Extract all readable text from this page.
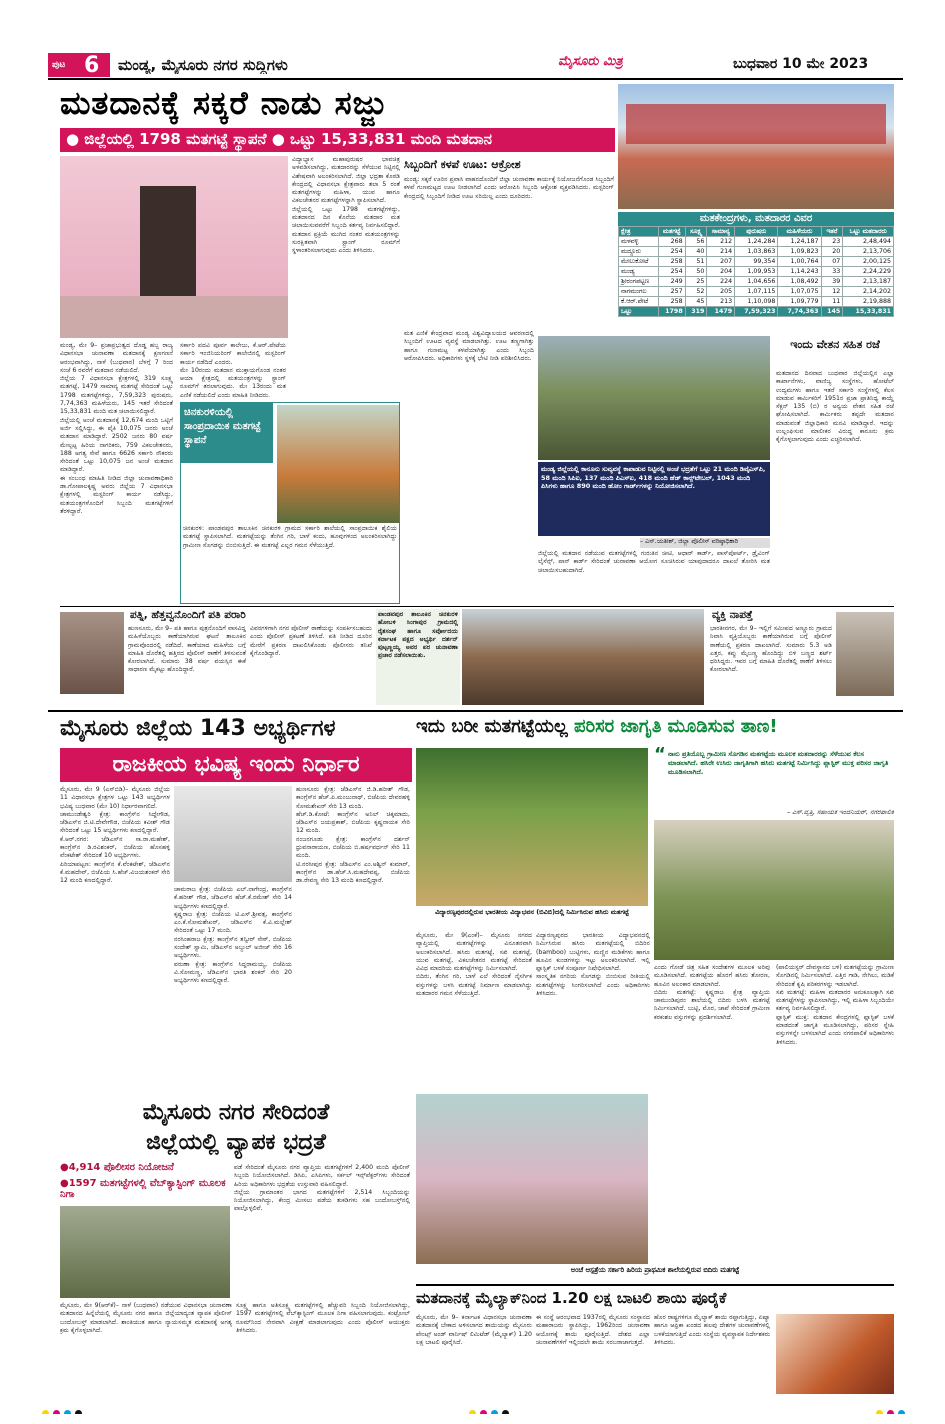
ಪುಟ 6 ಮಂಡ್ಯ, ಮೈಸೂರು ನಗರ ಸುದ್ದಿಗಳು	ಮೈಸೂರು ಮಿತ್ರ	ಬುಧವಾರ 10 ಮೇ 2023
ಮತದಾನಕ್ಕೆ ಸಕ್ಕರೆ ನಾಡು ಸಜ್ಜು
● ಜಿಲ್ಲೆಯಲ್ಲಿ 1798 ಮತಗಟ್ಟೆ ಸ್ಥಾಪನೆ ● ಒಟ್ಟು 15,33,831 ಮಂದಿ ಮತದಾನ
ಮಂಡ್ಯ, ಮೇ 9– ಪ್ರಜಾಪ್ರಭುತ್ವದ ದೊಡ್ಡ ಹಬ್ಬ ರಾಜ್ಯ ವಿಧಾನಸಭಾ ಚುನಾವಣಾ ಮತದಾನಕ್ಕೆ ಕ್ಷಣಗಣನೆ ಆರಂಭವಾಗಿದ್ದು, ನಾಳೆ (ಬುಧವಾರ) ಬೆಳಗ್ಗೆ 7 ರಿಂದ ಸಂಜೆ 6 ರವರೆಗೆ ಮತದಾನ ನಡೆಯಲಿದೆ.
ಜಿಲ್ಲೆಯ 7 ವಿಧಾನಸಭಾ ಕ್ಷೇತ್ರಗಳಲ್ಲಿ 319 ಸೂಕ್ಷ್ಮ ಮತಗಟ್ಟೆ, 1479 ಸಾಮಾನ್ಯ ಮತಗಟ್ಟೆ ಸೇರಿದಂತೆ ಒಟ್ಟು 1798 ಮತಗಟ್ಟೆಗಳಿದ್ದು, 7,59,323 ಪುರುಷರು, 7,74,363 ಮಹಿಳೆಯರು, 145 ಇತರೆ ಸೇರಿದಂತೆ 15,33,831 ಮಂದಿ ಮತ ಚಲಾಯಿಸಲಿದ್ದಾರೆ.
ಜಿಲ್ಲೆಯಲ್ಲಿ ಅಂಚೆ ಮತದಾನಕ್ಕೆ 12,674 ಮಂದಿ ಒಟ್ಟಿಗೆ ಅರ್ಜಿ ಸಲ್ಲಿಸಿದ್ದು, ಈ ಪೈಕಿ 10,075 ಜನರು ಅಂಚೆ ಮತದಾನ ಮಾಡಿದ್ದಾರೆ. 2502 ಜನರು 80 ವರ್ಷ ಮೇಲ್ಪಟ್ಟ ಹಿರಿಯ ನಾಗರಿಕರು, 759 ವಿಕಲಚೇತನರು, 188 ಅಗತ್ಯ ಸೇವೆ ಹಾಗೂ 6626 ಸರ್ಕಾರಿ ನೌಕರರು ಸೇರಿದಂತೆ ಒಟ್ಟು 10,075 ಜನ ಅಂಚೆ ಮತದಾನ ಮಾಡಿದ್ದಾರೆ.
ಈ ಸಂಬಂಧ ಮಾಹಿತಿ ನೀಡಿದ ಜಿಲ್ಲಾ ಚುನಾವಣಾಧಿಕಾರಿ ಡಾ.ಗೋಪಾಲಕೃಷ್ಣ ಅವರು ಜಿಲ್ಲೆಯ 7 ವಿಧಾನಸಭಾ ಕ್ಷೇತ್ರಗಳಲ್ಲಿ ಮಸ್ಟರಿಂಗ್ ಕಾರ್ಯ ನಡೆಸಿದ್ದು, ಮತಯಂತ್ರಗಳೊಂದಿಗೆ ಸಿಬ್ಬಂದಿ ಮತಗಟ್ಟೆಗಳಿಗೆ ತೆರಳಿದ್ದಾರೆ.
ಸರ್ಕಾರಿ ಪದವಿ ಪೂರ್ವ ಕಾಲೇಜು, ಕೆ.ಆರ್.ಪೇಟೆಯ ಸರ್ಕಾರಿ ಇಂಜಿನಿಯರಿಂಗ್ ಕಾಲೇಜಿನಲ್ಲಿ ಮಸ್ಟರಿಂಗ್ ಕಾರ್ಯ ನಡೆದಿದೆ ಎಂದರು.
ಮೇ 10ರಂದು ಮತದಾನ ಮುಕ್ತಾಯಗೊಂಡ ನಂತರ ಆಯಾ ಕ್ಷೇತ್ರದಲ್ಲಿ ಮತಯಂತ್ರಗಳನ್ನು ಸ್ಟ್ರಾಂಗ್ ರೂಮ್‌ಗೆ ತರಲಾಗುವುದು. ಮೇ 13ರಂದು ಮತ ಎಣಿಕೆ ನಡೆಯಲಿದೆ ಎಂದು ಮಾಹಿತಿ ನೀಡಿದರು.
ವಿದ್ಯಾಭ್ಯಾಸ ಮಹಾಪುರುಷರ ಭಾವಚಿತ್ರ ಅಳವಡಿಸಲಾಗಿದ್ದು, ಮತದಾರರನ್ನು ಸೆಳೆಯುವ ನಿಟ್ಟಿನಲ್ಲಿ ವಿಶೇಷವಾಗಿ ಅಲಂಕರಿಸಲಾಗಿದೆ. ಜಿಲ್ಲಾ ಭದ್ರತಾ ಕೊಠಡಿ ಕೇಂದ್ರದಲ್ಲಿ ವಿಧಾನಸಭಾ ಕ್ಷೇತ್ರವಾರು ತಲಾ 5 ರಂತೆ ಮತಗಟ್ಟೆಗಳನ್ನು ಮಹಿಳಾ, ಯುವ ಹಾಗೂ ವಿಕಲಚೇತನರ ಮತಗಟ್ಟೆಗಳನ್ನಾಗಿ ಸ್ಥಾಪಿಸಲಾಗಿದೆ.
ಜಿಲ್ಲೆಯಲ್ಲಿ ಒಟ್ಟು 1798 ಮತಗಟ್ಟೆಗಳಿದ್ದು, ಮತದಾನದ ದಿನ ಕೊನೆಯ ಮತದಾರ ಮತ ಚಲಾಯಿಸುವವರೆಗೆ ಸಿಬ್ಬಂದಿ ಕರ್ತವ್ಯ ನಿರ್ವಹಿಸಲಿದ್ದಾರೆ. ಮತದಾನ ಪ್ರಕ್ರಿಯೆ ಮುಗಿದ ನಂತರ ಮತಯಂತ್ರಗಳನ್ನು ಸುರಕ್ಷಿತವಾಗಿ ಸ್ಟ್ರಾಂಗ್ ರೂಮ್‌ಗೆ ಸ್ಥಳಾಂತರಿಸಲಾಗುವುದು ಎಂದು ತಿಳಿಸಿದರು.
ಚಿನಕುರಳಿಯಲ್ಲಿ ಸಾಂಪ್ರದಾಯಿಕ ಮತಗಟ್ಟೆ ಸ್ಥಾಪನೆ
ಚಿನಕುರಳಿ: ಪಾಂಡವಪುರ ತಾಲೂಕಿನ ಚಿನಕುರಳಿ ಗ್ರಾಮದ ಸರ್ಕಾರಿ ಶಾಲೆಯಲ್ಲಿ ಸಾಂಪ್ರದಾಯಿಕ ಶೈಲಿಯ ಮತಗಟ್ಟೆ ಸ್ಥಾಪಿಸಲಾಗಿದೆ. ಮತಗಟ್ಟೆಯನ್ನು ತೆಂಗಿನ ಗರಿ, ಬಾಳೆ ಕಂದು, ಹೂವುಗಳಿಂದ ಅಲಂಕರಿಸಲಾಗಿದ್ದು ಗ್ರಾಮೀಣ ಸೊಗಡನ್ನು ಬಿಂಬಿಸುತ್ತಿದೆ. ಈ ಮತಗಟ್ಟೆ ಎಲ್ಲರ ಗಮನ ಸೆಳೆಯುತ್ತಿದೆ.
ಸಿಬ್ಬಂದಿಗೆ ಕಳಪೆ ಊಟ: ಆಕ್ರೋಶ
ಮಂಡ್ಯ: ಸಕ್ಕರೆ ಊರಿನ ಪ್ರವಾಸಿ ವಾಹನದೊಂದಿಗೆ ಜಿಲ್ಲಾ ಚುನಾವಣಾ ಕಾರ್ಯಕ್ಕೆ ನಿಯೋಜನೆಗೊಂಡ ಸಿಬ್ಬಂದಿಗೆ ಕಳಪೆ ಗುಣಮಟ್ಟದ ಊಟ ನೀಡಲಾಗಿದೆ ಎಂದು ಆರೋಪಿಸಿ ಸಿಬ್ಬಂದಿ ಆಕ್ರೋಶ ವ್ಯಕ್ತಪಡಿಸಿದರು. ಮಸ್ಟರಿಂಗ್ ಕೇಂದ್ರದಲ್ಲಿ ಸಿಬ್ಬಂದಿಗೆ ನೀಡಿದ ಊಟ ಸರಿಯಿಲ್ಲ ಎಂದು ದೂರಿದರು.
ಮತ ಎಣಿಕೆ ಕೇಂದ್ರವಾದ ಮಂಡ್ಯ ವಿಶ್ವವಿದ್ಯಾಲಯದ ಆವರಣದಲ್ಲಿ ಸಿಬ್ಬಂದಿಗೆ ಊಟದ ವ್ಯವಸ್ಥೆ ಮಾಡಲಾಗಿತ್ತು. ಊಟ ತಣ್ಣಗಾಗಿತ್ತು ಹಾಗೂ ಗುಣಮಟ್ಟ ಕಳಪೆಯಾಗಿತ್ತು ಎಂದು ಸಿಬ್ಬಂದಿ ಆರೋಪಿಸಿದರು. ಅಧಿಕಾರಿಗಳು ಸ್ಥಳಕ್ಕೆ ಭೇಟಿ ನೀಡಿ ಪರಿಶೀಲಿಸಿದರು.
ಮತಕೇಂದ್ರಗಳು, ಮತದಾರರ ವಿವರ
ಕ್ಷೇತ್ರ	ಮತಗಟ್ಟೆ	ಸೂಕ್ಷ್ಮ	ಸಾಮಾನ್ಯ	ಪುರುಷರು	ಮಹಿಳೆಯರು	ಇತರೆ	ಒಟ್ಟು ಮತದಾರರು
ಮಳವಳ್ಳಿ	268	56	212	1,24,284	1,24,187	23	2,48,494
ಮದ್ದೂರು	254	40	214	1,03,863	1,09,823	20	2,13,706
ಮೇಲುಕೋಟೆ	258	51	207	99,354	1,00,764	07	2,00,125
ಮಂಡ್ಯ	254	50	204	1,09,953	1,14,243	33	2,24,229
ಶ್ರೀರಂಗಪಟ್ಟಣ	249	25	224	1,04,656	1,08,492	39	2,13,187
ನಾಗಮಂಗಲ	257	52	205	1,07,115	1,07,075	12	2,14,202
ಕೆ.ಆರ್.ಪೇಟೆ	258	45	213	1,10,098	1,09,779	11	2,19,888
ಒಟ್ಟು	1798	319	1479	7,59,323	7,74,363	145	15,33,831
ಮಂಡ್ಯ ಜಿಲ್ಲೆಯಲ್ಲಿ ಕಾನೂನು ಸುವ್ಯವಸ್ಥೆ ಕಾಪಾಡುವ ನಿಟ್ಟಿನಲ್ಲಿ ಅಂಚೆ ಭದ್ರತೆಗೆ ಒಟ್ಟು 21 ಮಂದಿ ಡಿವೈಎಸ್‌ಪಿ, 58 ಮಂದಿ ಸಿಪಿಐ, 137 ಮಂದಿ ಪಿಎಸ್‌ಐ, 418 ಮಂದಿ ಹೆಡ್ ಕಾನ್ಸ್‌ಟೇಬಲ್, 1043 ಮಂದಿ ಪಿಸಿಗಳು ಹಾಗೂ 890 ಮಂದಿ ಹೋಂ ಗಾರ್ಡ್‌ಗಳನ್ನು ನಿಯೋಜಿಸಲಾಗಿದೆ.
– ಎನ್.ಯತೀಶ್, ಜಿಲ್ಲಾ ಪೊಲೀಸ್ ವರಿಷ್ಠಾಧಿಕಾರಿ
ಜಿಲ್ಲೆಯಲ್ಲಿ ಮತದಾನ ನಡೆಯುವ ಮತಗಟ್ಟೆಗಳಲ್ಲಿ ಗುರುತಿನ ಚೀಟಿ, ಆಧಾರ್ ಕಾರ್ಡ್, ಪಾಸ್‌ಪೋರ್ಟ್, ಡ್ರೈವಿಂಗ್ ಲೈಸೆನ್ಸ್, ಪಾನ್ ಕಾರ್ಡ್ ಸೇರಿದಂತೆ ಚುನಾವಣಾ ಆಯೋಗ ಸೂಚಿಸಿರುವ ಯಾವುದಾದರೂ ದಾಖಲೆ ತೋರಿಸಿ ಮತ ಚಲಾಯಿಸಬಹುದಾಗಿದೆ.
ಇಂದು ವೇತನ ಸಹಿತ ರಜೆ
ಮತದಾನದ ದಿನವಾದ ಬುಧವಾರ ಜಿಲ್ಲೆಯಲ್ಲಿನ ಎಲ್ಲಾ ಕಾರ್ಖಾನೆಗಳು, ವಾಣಿಜ್ಯ ಸಂಸ್ಥೆಗಳು, ಹೋಟೆಲ್ ಉದ್ಯಮಗಳು ಹಾಗೂ ಇತರೆ ಸರ್ಕಾರಿ ಸಂಸ್ಥೆಗಳಲ್ಲಿ ಕೆಲಸ ಮಾಡುವ ಕಾರ್ಮಿಕರಿಗೆ 1951ರ ಪ್ರಜಾ ಪ್ರಾತಿನಿಧ್ಯ ಕಾಯ್ದೆ ಸೆಕ್ಷನ್ 135 (ಬಿ) ರ ಅನ್ವಯ ವೇತನ ಸಹಿತ ರಜೆ ಘೋಷಿಸಲಾಗಿದೆ. ಕಾರ್ಮಿಕರು ತಪ್ಪದೇ ಮತದಾನ ಮಾಡುವಂತೆ ಜಿಲ್ಲಾಧಿಕಾರಿ ಮನವಿ ಮಾಡಿದ್ದಾರೆ. ಇದನ್ನು ಉಲ್ಲಂಘಿಸುವ ಮಾಲೀಕರ ವಿರುದ್ಧ ಕಾನೂನು ಕ್ರಮ ಕೈಗೊಳ್ಳಲಾಗುವುದು ಎಂದು ಎಚ್ಚರಿಸಲಾಗಿದೆ.
ಪತ್ನಿ, ಹೆತ್ತವ್ವನೊಂದಿಗೆ ಪತಿ ಪರಾರಿ
ಹುಣಸೂರು, ಮೇ 9– ಪತಿ ಹಾಗೂ ಪುತ್ರನೊಂದಿಗೆ ವಾಸವಿದ್ದ ಮಹಿಳೆಯೊಬ್ಬರು ಕಾಣೆಯಾಗಿರುವ ಘಟನೆ ತಾಲೂಕಿನ ಗ್ರಾಮವೊಂದರಲ್ಲಿ ನಡೆದಿದೆ. ಕಾಣೆಯಾದ ಮಹಿಳೆಯ ಬಗ್ಗೆ ಮಾಹಿತಿ ದೊರೆತಲ್ಲಿ ಹತ್ತಿರದ ಪೊಲೀಸ್ ಠಾಣೆಗೆ ತಿಳಿಸುವಂತೆ ಕೋರಲಾಗಿದೆ. ಸುಮಾರು 38 ವರ್ಷ ವಯಸ್ಸಿನ ಈಕೆ ಸಾಧಾರಣ ಮೈಕಟ್ಟು ಹೊಂದಿದ್ದಾರೆ.
ವಿವರಗಳಿಗಾಗಿ ನಗರ ಪೊಲೀಸ್ ಠಾಣೆಯನ್ನು ಸಂಪರ್ಕಿಸಬಹುದು ಎಂದು ಪೊಲೀಸ್ ಪ್ರಕಟಣೆ ತಿಳಿಸಿದೆ. ಪತಿ ನೀಡಿದ ದೂರಿನ ಮೇರೆಗೆ ಪ್ರಕರಣ ದಾಖಲಿಸಿಕೊಂಡು ಪೊಲೀಸರು ತನಿಖೆ ಕೈಗೊಂಡಿದ್ದಾರೆ.
ಪಾಂಡವಪುರ ತಾಲೂಕಿನ ಚಿನಕುರಳಿ ಹೋಬಳಿ ಸಿಂಗಾಪುರ ಗ್ರಾಮದಲ್ಲಿ ರೈತಸಂಘ ಹಾಗೂ ಸರ್ವೋದಯ ಕರ್ನಾಟಕ ಪಕ್ಷದ ಅಭ್ಯರ್ಥಿ ದರ್ಶನ್ ಪುಟ್ಟಣ್ಣಯ್ಯ ಅವರ ಪರ ಚುನಾವಣಾ ಪ್ರಚಾರ ನಡೆಸಲಾಯಿತು.
ವ್ಯಕ್ತಿ ನಾಪತ್ತೆ
ಭಾರತೀನಗರ, ಮೇ 9– ಇಲ್ಲಿಗೆ ಸಮೀಪದ ಅಣ್ಣೂರು ಗ್ರಾಮದ ನಿವಾಸಿ ವ್ಯಕ್ತಿಯೊಬ್ಬರು ಕಾಣೆಯಾಗಿರುವ ಬಗ್ಗೆ ಪೊಲೀಸ್ ಠಾಣೆಯಲ್ಲಿ ಪ್ರಕರಣ ದಾಖಲಾಗಿದೆ. ಸುಮಾರು 5.3 ಅಡಿ ಎತ್ತರ, ಕಪ್ಪು ಮೈಬಣ್ಣ ಹೊಂದಿದ್ದು ಬಿಳಿ ಬಣ್ಣದ ಶರ್ಟ್ ಧರಿಸಿದ್ದರು. ಇವರ ಬಗ್ಗೆ ಮಾಹಿತಿ ದೊರೆತಲ್ಲಿ ಠಾಣೆಗೆ ತಿಳಿಸಲು ಕೋರಲಾಗಿದೆ.
ಮೈಸೂರು ಜಿಲ್ಲೆಯ 143 ಅಭ್ಯರ್ಥಿಗಳ
ರಾಜಕೀಯ ಭವಿಷ್ಯ ಇಂದು ನಿರ್ಧಾರ
ಮೈಸೂರು, ಮೇ 9 (ಎಸ್‌ಬಿಡಿ)– ಮೈಸೂರು ಜಿಲ್ಲೆಯ 11 ವಿಧಾನಸಭಾ ಕ್ಷೇತ್ರಗಳ ಒಟ್ಟು 143 ಅಭ್ಯರ್ಥಿಗಳ ಭವಿಷ್ಯ ಬುಧವಾರ (ಮೇ 10) ನಿರ್ಧಾರವಾಗಲಿದೆ.
ಚಾಮುಂಡೇಶ್ವರಿ ಕ್ಷೇತ್ರ: ಕಾಂಗ್ರೆಸ್‌ನ ಸಿದ್ದೇಗೌಡ, ಜೆಡಿಎಸ್‌ನ ಜಿ.ಟಿ.ದೇವೇಗೌಡ, ಬಿಜೆಪಿಯ ಕವೀಶ್ ಗೌಡ ಸೇರಿದಂತೆ ಒಟ್ಟು 15 ಅಭ್ಯರ್ಥಿಗಳು ಕಣದಲ್ಲಿದ್ದಾರೆ.
ಕೆ.ಆರ್.ನಗರ: ಜೆಡಿಎಸ್‌ನ ಸಾ.ರಾ.ಮಹೇಶ್, ಕಾಂಗ್ರೆಸ್‌ನ ಡಿ.ರವಿಶಂಕರ್, ಬಿಜೆಪಿಯ ಹೊಸಹಳ್ಳಿ ವೆಂಕಟೇಶ್ ಸೇರಿದಂತೆ 10 ಅಭ್ಯರ್ಥಿಗಳು.
ಪಿರಿಯಾಪಟ್ಟಣ: ಕಾಂಗ್ರೆಸ್‌ನ ಕೆ.ವೆಂಕಟೇಶ್, ಜೆಡಿಎಸ್‌ನ ಕೆ.ಮಹದೇವ್, ಬಿಜೆಪಿಯ ಸಿ.ಹೆಚ್.ವಿಜಯಶಂಕರ್ ಸೇರಿ 12 ಮಂದಿ ಕಣದಲ್ಲಿದ್ದಾರೆ.
ಚಾಮರಾಜ ಕ್ಷೇತ್ರ: ಬಿಜೆಪಿಯ ಎಲ್.ನಾಗೇಂದ್ರ, ಕಾಂಗ್ರೆಸ್‌ನ ಕೆ.ಹರೀಶ್ ಗೌಡ, ಜೆಡಿಎಸ್‌ನ ಹೆಚ್.ಕೆ.ರಮೇಶ್ ಸೇರಿ 14 ಅಭ್ಯರ್ಥಿಗಳು ಕಣದಲ್ಲಿದ್ದಾರೆ.
ಕೃಷ್ಣರಾಜ ಕ್ಷೇತ್ರ: ಬಿಜೆಪಿಯ ಟಿ.ಎಸ್.ಶ್ರೀವತ್ಸ, ಕಾಂಗ್ರೆಸ್‌ನ ಎಂ.ಕೆ.ಸೋಮಶೇಖರ್, ಜೆಡಿಎಸ್‌ನ ಕೆ.ವಿ.ಮಲ್ಲೇಶ್ ಸೇರಿದಂತೆ ಒಟ್ಟು 17 ಮಂದಿ.
ನರಸಿಂಹರಾಜ ಕ್ಷೇತ್ರ: ಕಾಂಗ್ರೆಸ್‌ನ ತನ್ವೀರ್ ಸೇಠ್, ಬಿಜೆಪಿಯ ಸಂದೇಶ್ ಸ್ವಾಮಿ, ಜೆಡಿಎಸ್‌ನ ಅಬ್ದುಲ್ ಅಜೀಜ್ ಸೇರಿ 16 ಅಭ್ಯರ್ಥಿಗಳು.
ವರುಣಾ ಕ್ಷೇತ್ರ: ಕಾಂಗ್ರೆಸ್‌ನ ಸಿದ್ದರಾಮಯ್ಯ, ಬಿಜೆಪಿಯ ವಿ.ಸೋಮಣ್ಣ, ಜೆಡಿಎಸ್‌ನ ಭಾರತಿ ಶಂಕರ್ ಸೇರಿ 20 ಅಭ್ಯರ್ಥಿಗಳು ಕಣದಲ್ಲಿದ್ದಾರೆ.
ಹುಣಸೂರು ಕ್ಷೇತ್ರ: ಜೆಡಿಎಸ್‌ನ ಜಿ.ಡಿ.ಹರೀಶ್ ಗೌಡ, ಕಾಂಗ್ರೆಸ್‌ನ ಹೆಚ್.ಪಿ.ಮಂಜುನಾಥ್, ಬಿಜೆಪಿಯ ದೇವರಹಳ್ಳಿ ಸೋಮಶೇಖರ್ ಸೇರಿ 13 ಮಂದಿ.
ಹೆಚ್.ಡಿ.ಕೋಟೆ: ಕಾಂಗ್ರೆಸ್‌ನ ಅನಿಲ್ ಚಿಕ್ಕಮಾದು, ಜೆಡಿಎಸ್‌ನ ಜಯಪ್ರಕಾಶ್, ಬಿಜೆಪಿಯ ಕೃಷ್ಣನಾಯಕ ಸೇರಿ 12 ಮಂದಿ.
ನಂಜನಗೂಡು ಕ್ಷೇತ್ರ: ಕಾಂಗ್ರೆಸ್‌ನ ದರ್ಶನ್ ಧ್ರುವನಾರಾಯಣ, ಬಿಜೆಪಿಯ ಬಿ.ಹರ್ಷವರ್ಧನ್ ಸೇರಿ 11 ಮಂದಿ.
ಟಿ.ನರಸೀಪುರ ಕ್ಷೇತ್ರ: ಜೆಡಿಎಸ್‌ನ ಎಂ.ಅಶ್ವಿನ್ ಕುಮಾರ್, ಕಾಂಗ್ರೆಸ್‌ನ ಡಾ.ಹೆಚ್.ಸಿ.ಮಹದೇವಪ್ಪ, ಬಿಜೆಪಿಯ ಡಾ.ರೇವಣ್ಣ ಸೇರಿ 13 ಮಂದಿ ಕಣದಲ್ಲಿದ್ದಾರೆ.
ಮೈಸೂರು ನಗರ ಸೇರಿದಂತೆ
ಜಿಲ್ಲೆಯಲ್ಲಿ ವ್ಯಾಪಕ ಭದ್ರತೆ
●4,914 ಪೊಲೀಸರ ನಿಯೋಜನೆ
●1597 ಮತಗಟ್ಟೆಗಳಲ್ಲಿ ವೆಬ್‌ಕ್ಯಾಸ್ಟಿಂಗ್ ಮೂಲಕ ನಿಗಾ
ಪಡೆ ಸೇರಿದಂತೆ ಮೈಸೂರು ನಗರ ವ್ಯಾಪ್ತಿಯ ಮತಗಟ್ಟೆಗಳಿಗೆ 2,400 ಮಂದಿ ಪೊಲೀಸ್ ಸಿಬ್ಬಂದಿ ನಿಯೋಜಿಸಲಾಗಿದೆ. ಡಿಸಿಪಿ, ಎಸಿಪಿಗಳು, ಸರ್ಕಲ್ ಇನ್ಸ್‌ಪೆಕ್ಟರ್‌ಗಳು ಸೇರಿದಂತೆ ಹಿರಿಯ ಅಧಿಕಾರಿಗಳು ಭದ್ರತೆಯ ಉಸ್ತುವಾರಿ ವಹಿಸಲಿದ್ದಾರೆ.
ಜಿಲ್ಲೆಯ ಗ್ರಾಮಾಂತರ ಭಾಗದ ಮತಗಟ್ಟೆಗಳಿಗೆ 2,514 ಸಿಬ್ಬಂದಿಯನ್ನು ನಿಯೋಜಿಸಲಾಗಿದ್ದು, ಕೇಂದ್ರ ಮೀಸಲು ಪಡೆಯ ತುಕಡಿಗಳು ಸಹ ಬಂದೋಬಸ್ತ್‌ನಲ್ಲಿ ಪಾಲ್ಗೊಳ್ಳಲಿವೆ.
ಮೈಸೂರು, ಮೇ 9(ಆರ್‌ಕೆ)– ನಾಳೆ (ಬುಧವಾರ) ನಡೆಯುವ ವಿಧಾನಸಭಾ ಚುನಾವಣಾ ಮತದಾನದ ಹಿನ್ನೆಲೆಯಲ್ಲಿ ಮೈಸೂರು ನಗರ ಹಾಗೂ ಜಿಲ್ಲೆಯಾದ್ಯಂತ ವ್ಯಾಪಕ ಪೊಲೀಸ್ ಬಂದೋಬಸ್ತ್ ಮಾಡಲಾಗಿದೆ. ಶಾಂತಿಯುತ ಹಾಗೂ ನ್ಯಾಯಸಮ್ಮತ ಮತದಾನಕ್ಕೆ ಅಗತ್ಯ ಕ್ರಮ ಕೈಗೊಳ್ಳಲಾಗಿದೆ.
ಸೂಕ್ಷ್ಮ ಹಾಗೂ ಅತಿಸೂಕ್ಷ್ಮ ಮತಗಟ್ಟೆಗಳಲ್ಲಿ ಹೆಚ್ಚುವರಿ ಸಿಬ್ಬಂದಿ ನಿಯೋಜಿಸಲಾಗಿದ್ದು, 1597 ಮತಗಟ್ಟೆಗಳಲ್ಲಿ ವೆಬ್‌ಕ್ಯಾಸ್ಟಿಂಗ್ ಮೂಲಕ ನಿಗಾ ವಹಿಸಲಾಗುವುದು. ಕಂಟ್ರೋಲ್ ರೂಮ್‌ನಿಂದ ನೇರವಾಗಿ ವೀಕ್ಷಣೆ ಮಾಡಲಾಗುವುದು ಎಂದು ಪೊಲೀಸ್ ಆಯುಕ್ತರು ತಿಳಿಸಿದರು.
ಇದು ಬರೀ ಮತಗಟ್ಟೆಯಲ್ಲ ಪರಿಸರ ಜಾಗೃತಿ ಮೂಡಿಸುವ ತಾಣ!
ವಿದ್ಯಾರಣ್ಯಪುರದಲ್ಲಿರುವ ಭಾರತೀಯ ವಿದ್ಯಾಭವನ (ಬಿವಿಬಿ)ದಲ್ಲಿ ನಿರ್ಮಿಸಿರುವ ಹಸಿರು ಮತಗಟ್ಟೆ
ನಾನು ಪ್ರತಿಯೊಬ್ಬ ಗ್ರಾಮೀಣ ಸೊಗಡಿನ ಮತಗಟ್ಟೆಯ ಮೂಲಕ ಮತದಾರರನ್ನು ಸೆಳೆಯುವ ಕೆಲಸ ಮಾಡಲಾಗಿದೆ. ಹಸಿರೇ ಉಸಿರು ಜಾಗೃತಿಗಾಗಿ ಹಸಿರು ಮತಗಟ್ಟೆ ನಿರ್ಮಿಸಿದ್ದು ಪ್ಲಾಸ್ಟಿಕ್ ಮುಕ್ತ ಪರಿಸರ ಜಾಗೃತಿ ಮೂಡಿಸಲಾಗಿದೆ.
“
– ಎಸ್.ವೃತ್ತಿ, ಸಹಾಯಕ ಇಂಜಿನಿಯರ್, ನಗರಪಾಲಿಕೆ
ಮೈಸೂರು, ಮೇ 9(ಎಂಕೆ)– ಮೈಸೂರು ನಗರದ ವ್ಯಾಪ್ತಿಯಲ್ಲಿ ಮತಗಟ್ಟೆಗಳನ್ನು ವಿನೂತನವಾಗಿ ಅಲಂಕರಿಸಲಾಗಿದೆ. ಹಸಿರು ಮತಗಟ್ಟೆ, ಸಖಿ ಮತಗಟ್ಟೆ, ಯುವ ಮತಗಟ್ಟೆ, ವಿಕಲಚೇತನರ ಮತಗಟ್ಟೆ ಸೇರಿದಂತೆ ವಿವಿಧ ಮಾದರಿಯ ಮತಗಟ್ಟೆಗಳನ್ನು ನಿರ್ಮಿಸಲಾಗಿದೆ.
ಬಿದಿರು, ತೆಂಗಿನ ಗರಿ, ಬಾಳೆ ಎಲೆ ಸೇರಿದಂತೆ ನೈಸರ್ಗಿಕ ವಸ್ತುಗಳನ್ನು ಬಳಸಿ ಮತಗಟ್ಟೆ ನಿರ್ಮಾಣ ಮಾಡಲಾಗಿದ್ದು ಮತದಾರರ ಗಮನ ಸೆಳೆಯುತ್ತಿದೆ.
ವಿದ್ಯಾರಣ್ಯಪುರದ ಭಾರತೀಯ ವಿದ್ಯಾಭವನದಲ್ಲಿ ನಿರ್ಮಿಸಿರುವ ಹಸಿರು ಮತಗಟ್ಟೆಯಲ್ಲಿ ಬಿದಿರಿನ (bamboo) ಬುಟ್ಟಿಗಳು, ಮಣ್ಣಿನ ಮಡಿಕೆಗಳು ಹಾಗೂ ಹೂವಿನ ಕುಂಡಗಳನ್ನು ಇಟ್ಟು ಅಲಂಕರಿಸಲಾಗಿದೆ. ಇಲ್ಲಿ ಪ್ಲಾಸ್ಟಿಕ್ ಬಳಕೆ ಸಂಪೂರ್ಣ ನಿಷೇಧಿಸಲಾಗಿದೆ.
ಸಾಂಸ್ಕೃತಿಕ ನಗರಿಯ ಸೊಗಡನ್ನು ಬಿಂಬಿಸುವ ರೀತಿಯಲ್ಲಿ ಮತಗಟ್ಟೆಗಳನ್ನು ಸಿಂಗರಿಸಲಾಗಿದೆ ಎಂದು ಅಧಿಕಾರಿಗಳು ತಿಳಿಸಿದರು.
ಎಂದು ಗೋಡೆ ಚಿತ್ರ ಸಹಿತ ಸಂದೇಶಗಳ ಮೂಲಕ ಅರಿವು ಮೂಡಿಸಲಾಗಿದೆ. ಮತಗಟ್ಟೆಯ ಹೊರಗೆ ಹಸಿರು ತೋರಣ, ಹೂವಿನ ಅಲಂಕಾರ ಮಾಡಲಾಗಿದೆ.
ಬಿದಿರು ಮತಗಟ್ಟೆ: ಕೃಷ್ಣರಾಜ ಕ್ಷೇತ್ರ ವ್ಯಾಪ್ತಿಯ ಚಾಮುಂಡಿಪುರಂ ಶಾಲೆಯಲ್ಲಿ ಬಿದಿರು ಬಳಸಿ ಮತಗಟ್ಟೆ ನಿರ್ಮಿಸಲಾಗಿದೆ. ಬುಟ್ಟಿ, ಮೊರ, ಚಾಪೆ ಸೇರಿದಂತೆ ಗ್ರಾಮೀಣ ಕರಕುಶಲ ವಸ್ತುಗಳನ್ನು ಪ್ರದರ್ಶಿಸಲಾಗಿದೆ.
(ಪಾಲಿಯಸ್ಟರ್ ದೇವಸ್ಥಾನದ ಬಳಿ) ಮತಗಟ್ಟೆಯನ್ನು ಗ್ರಾಮೀಣ ಸೊಗಡಿನಲ್ಲಿ ನಿರ್ಮಿಸಲಾಗಿದೆ. ಎತ್ತಿನ ಗಾಡಿ, ನೇಗಿಲು, ಮಡಿಕೆ ಸೇರಿದಂತೆ ಕೃಷಿ ಪರಿಕರಗಳನ್ನು ಇಡಲಾಗಿದೆ.
ಸಖಿ ಮತಗಟ್ಟೆ: ಮಹಿಳಾ ಮತದಾರರ ಅನುಕೂಲಕ್ಕಾಗಿ ಸಖಿ ಮತಗಟ್ಟೆಗಳನ್ನು ಸ್ಥಾಪಿಸಲಾಗಿದ್ದು, ಇಲ್ಲಿ ಮಹಿಳಾ ಸಿಬ್ಬಂದಿಯೇ ಕರ್ತವ್ಯ ನಿರ್ವಹಿಸಲಿದ್ದಾರೆ.
ಪ್ಲಾಸ್ಟಿಕ್ ಮುಕ್ತ: ಮತದಾನ ಕೇಂದ್ರಗಳಲ್ಲಿ ಪ್ಲಾಸ್ಟಿಕ್ ಬಳಕೆ ಮಾಡದಂತೆ ಜಾಗೃತಿ ಮೂಡಿಸಲಾಗಿದ್ದು, ಪರಿಸರ ಸ್ನೇಹಿ ವಸ್ತುಗಳನ್ನೇ ಬಳಸಲಾಗಿದೆ ಎಂದು ನಗರಪಾಲಿಕೆ ಅಧಿಕಾರಿಗಳು ತಿಳಿಸಿದರು.
ಅಂಚೆ ಆಸ್ಪತ್ರೆಯ ಸರ್ಕಾರಿ ಹಿರಿಯ ಪ್ರಾಥಮಿಕ ಶಾಲೆಯಲ್ಲಿರುವ ಬಿದಿರು ಮತಗಟ್ಟೆ
ಮತದಾನಕ್ಕೆ ಮೈಲ್ಯಾಕ್‌ನಿಂದ 1.20 ಲಕ್ಷ ಬಾಟಲಿ ಶಾಯಿ ಪೂರೈಕೆ
ಮೈಸೂರು, ಮೇ 9– ಕರ್ನಾಟಕ ವಿಧಾನಸಭಾ ಚುನಾವಣಾ ಮತದಾನಕ್ಕೆ ಬೇಕಾದ ಅಳಿಸಲಾಗದ ಶಾಯಿಯನ್ನು ಮೈಸೂರು ಪೇಂಟ್ಸ್ ಅಂಡ್ ವಾರ್ನಿಷ್ ಲಿಮಿಟೆಡ್ (ಮೈಲ್ಯಾಕ್) 1.20 ಲಕ್ಷ ಬಾಟಲಿ ಪೂರೈಸಿದೆ.
ಈ ಸಂಸ್ಥೆ ಆರಂಭವಾದ 1937ರಲ್ಲಿ ಮೈಸೂರು ಸಂಸ್ಥಾನದ ಮಹಾರಾಜರು ಸ್ಥಾಪಿಸಿದ್ದು, 1962ರಿಂದ ಚುನಾವಣಾ ಆಯೋಗಕ್ಕೆ ಶಾಯಿ ಪೂರೈಸುತ್ತಿದೆ. ದೇಶದ ಎಲ್ಲಾ ಚುನಾವಣೆಗಳಿಗೆ ಇಲ್ಲಿಂದಲೇ ಶಾಯಿ ಸರಬರಾಜಾಗುತ್ತದೆ.
ಹೊರ ರಾಷ್ಟ್ರಗಳಿಗೂ ಮೈಲ್ಯಾಕ್ ಶಾಯಿ ರಫ್ತಾಗುತ್ತಿದ್ದು, ಏಷ್ಯಾ ಹಾಗೂ ಆಫ್ರಿಕಾ ಖಂಡದ ಹಲವು ದೇಶಗಳ ಚುನಾವಣೆಗಳಲ್ಲಿ ಬಳಕೆಯಾಗುತ್ತಿದೆ ಎಂದು ಸಂಸ್ಥೆಯ ವ್ಯವಸ್ಥಾಪಕ ನಿರ್ದೇಶಕರು ತಿಳಿಸಿದರು.
